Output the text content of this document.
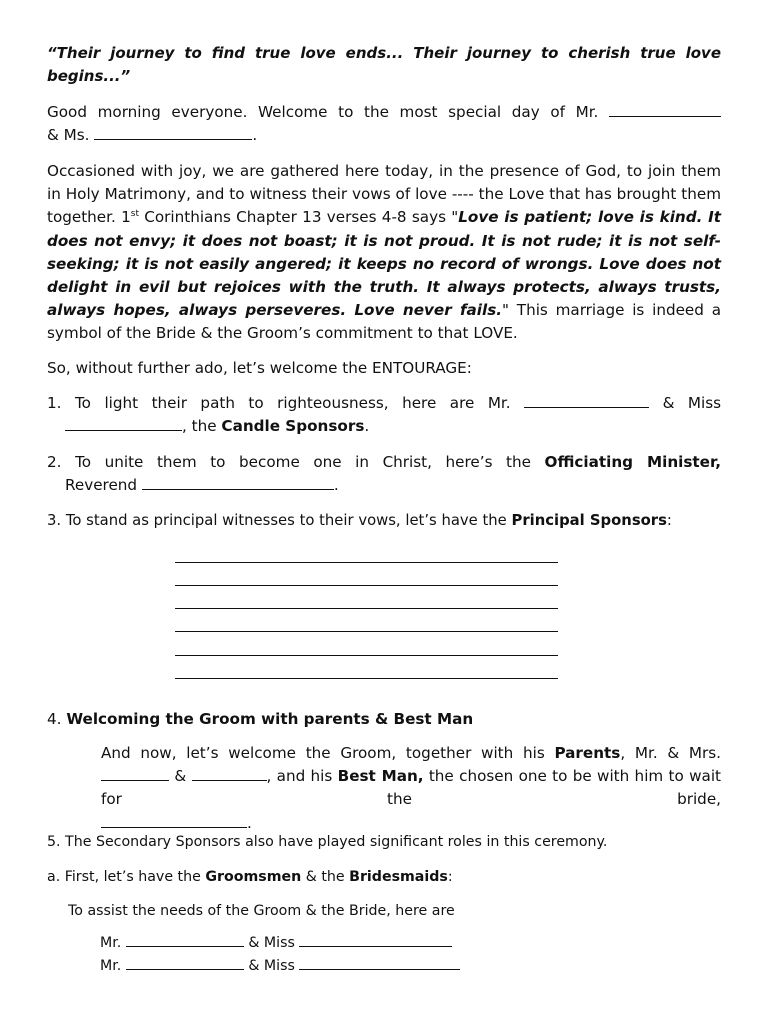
“Their journey to find true love ends... Their journey to cherish true love
begins...”

Good morning everyone. Welcome to the most special day of Mr.
& Ms.	.

Occasioned with joy, we are gathered here today, in the presence of God, to join them in Holy Matrimony, and to witness their vows of love ---- the Love that has brought them together. 1st Corinthians Chapter 13 verses 4-8 says "Love is patient; love is kind. It does not envy; it does not boast; it is not proud. It is not rude; it is not self-seeking; it is not easily angered; it keeps no record of wrongs. Love does not delight in evil but rejoices with the truth. It always protects, always trusts, always hopes, always perseveres. Love never fails." This marriage is indeed a symbol of the Bride & the Groom’s commitment to that LOVE.

So, without further ado, let’s welcome the ENTOURAGE:

1. To light their path to righteousness, here are Mr.	& Miss
, the Candle Sponsors.
2. To unite them to become one in Christ, here’s the Officiating Minister,
Reverend	.
3. To stand as principal witnesses to their vows, let’s have the Principal Sponsors:
4. Welcoming the Groom with parents & Best Man
And now, let’s welcome the Groom, together with his Parents, Mr. & Mrs.
&	, and his Best Man, the chosen one to be with him to wait for the bride,
.
5. The Secondary Sponsors also have played significant roles in this ceremony.
a. First, let’s have the Groomsmen & the Bridesmaids:
To assist the needs of the Groom & the Bride, here are
Mr.	& Miss
Mr.	& Miss
